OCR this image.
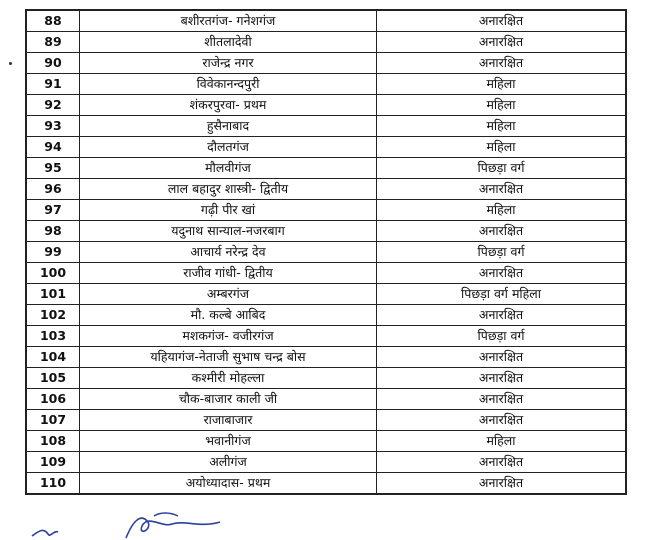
88	बशीरतगंज- गनेशगंज	अनारक्षित
89	शीतलादेवी	अनारक्षित
90	राजेन्द्र नगर	अनारक्षित
91	विवेकानन्दपुरी	महिला
92	शंकरपुरवा- प्रथम	महिला
93	हुसैनाबाद	महिला
94	दौलतगंज	महिला
95	मौलवीगंज	पिछड़ा वर्ग
96	लाल बहादुर शास्त्री- द्वितीय	अनारक्षित
97	गढ़ी पीर खां	महिला
98	यदुनाथ सान्याल-नजरबाग	अनारक्षित
99	आचार्य नरेन्द्र देव	पिछड़ा वर्ग
100	राजीव गांधी- द्वितीय	अनारक्षित
101	अम्बरगंज	पिछड़ा वर्ग महिला
102	मौ. कल्बे आबिद	अनारक्षित
103	मशकगंज- वजीरगंज	पिछड़ा वर्ग
104	यहियागंज-नेताजी सुभाष चन्द्र बोस	अनारक्षित
105	कश्मीरी मोहल्ला	अनारक्षित
106	चौक-बाजार काली जी	अनारक्षित
107	राजाबाजार	अनारक्षित
108	भवानीगंज	महिला
109	अलीगंज	अनारक्षित
110	अयोध्यादास- प्रथम	अनारक्षित
